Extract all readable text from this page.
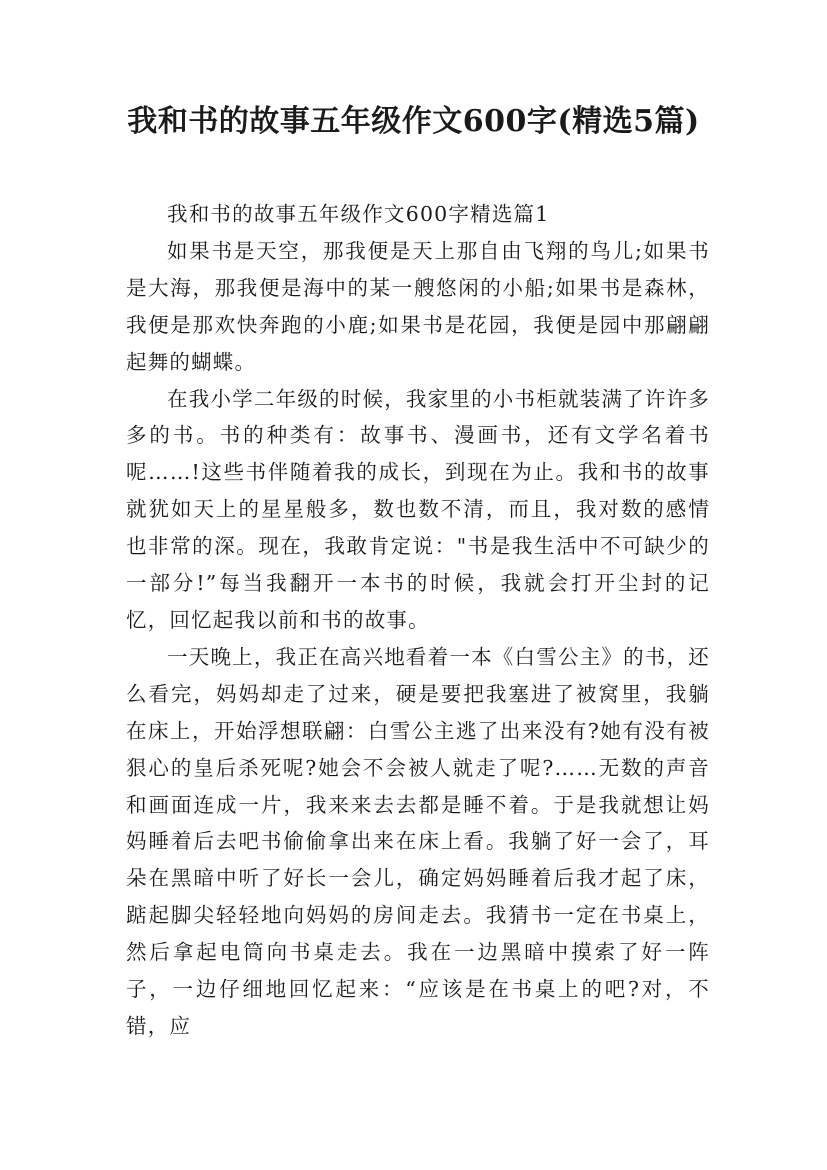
我和书的故事五年级作文600字(精选5篇)

我和书的故事五年级作文600字精选篇1

如果书是天空，那我便是天上那自由飞翔的鸟儿;如果书是大海，那我便是海中的某一艘悠闲的小船;如果书是森林，我便是那欢快奔跑的小鹿;如果书是花园，我便是园中那翩翩起舞的蝴蝶。

在我小学二年级的时候，我家里的小书柜就装满了许许多多的书。书的种类有：故事书、漫画书，还有文学名着书呢……!这些书伴随着我的成长，到现在为止。我和书的故事就犹如天上的星星般多，数也数不清，而且，我对数的感情也非常的深。现在，我敢肯定说："书是我生活中不可缺少的一部分!”每当我翻开一本书的时候，我就会打开尘封的记忆，回忆起我以前和书的故事。

一天晚上，我正在高兴地看着一本《白雪公主》的书，还么看完，妈妈却走了过来，硬是要把我塞进了被窝里，我躺在床上，开始浮想联翩：白雪公主逃了出来没有?她有没有被狠心的皇后杀死呢?她会不会被人就走了呢?……无数的声音和画面连成一片，我来来去去都是睡不着。于是我就想让妈妈睡着后去吧书偷偷拿出来在床上看。我躺了好一会了，耳朵在黑暗中听了好长一会儿，确定妈妈睡着后我才起了床，踮起脚尖轻轻地向妈妈的房间走去。我猜书一定在书桌上，然后拿起电筒向书桌走去。我在一边黑暗中摸索了好一阵子，一边仔细地回忆起来：“应该是在书桌上的吧?对，不错，应
